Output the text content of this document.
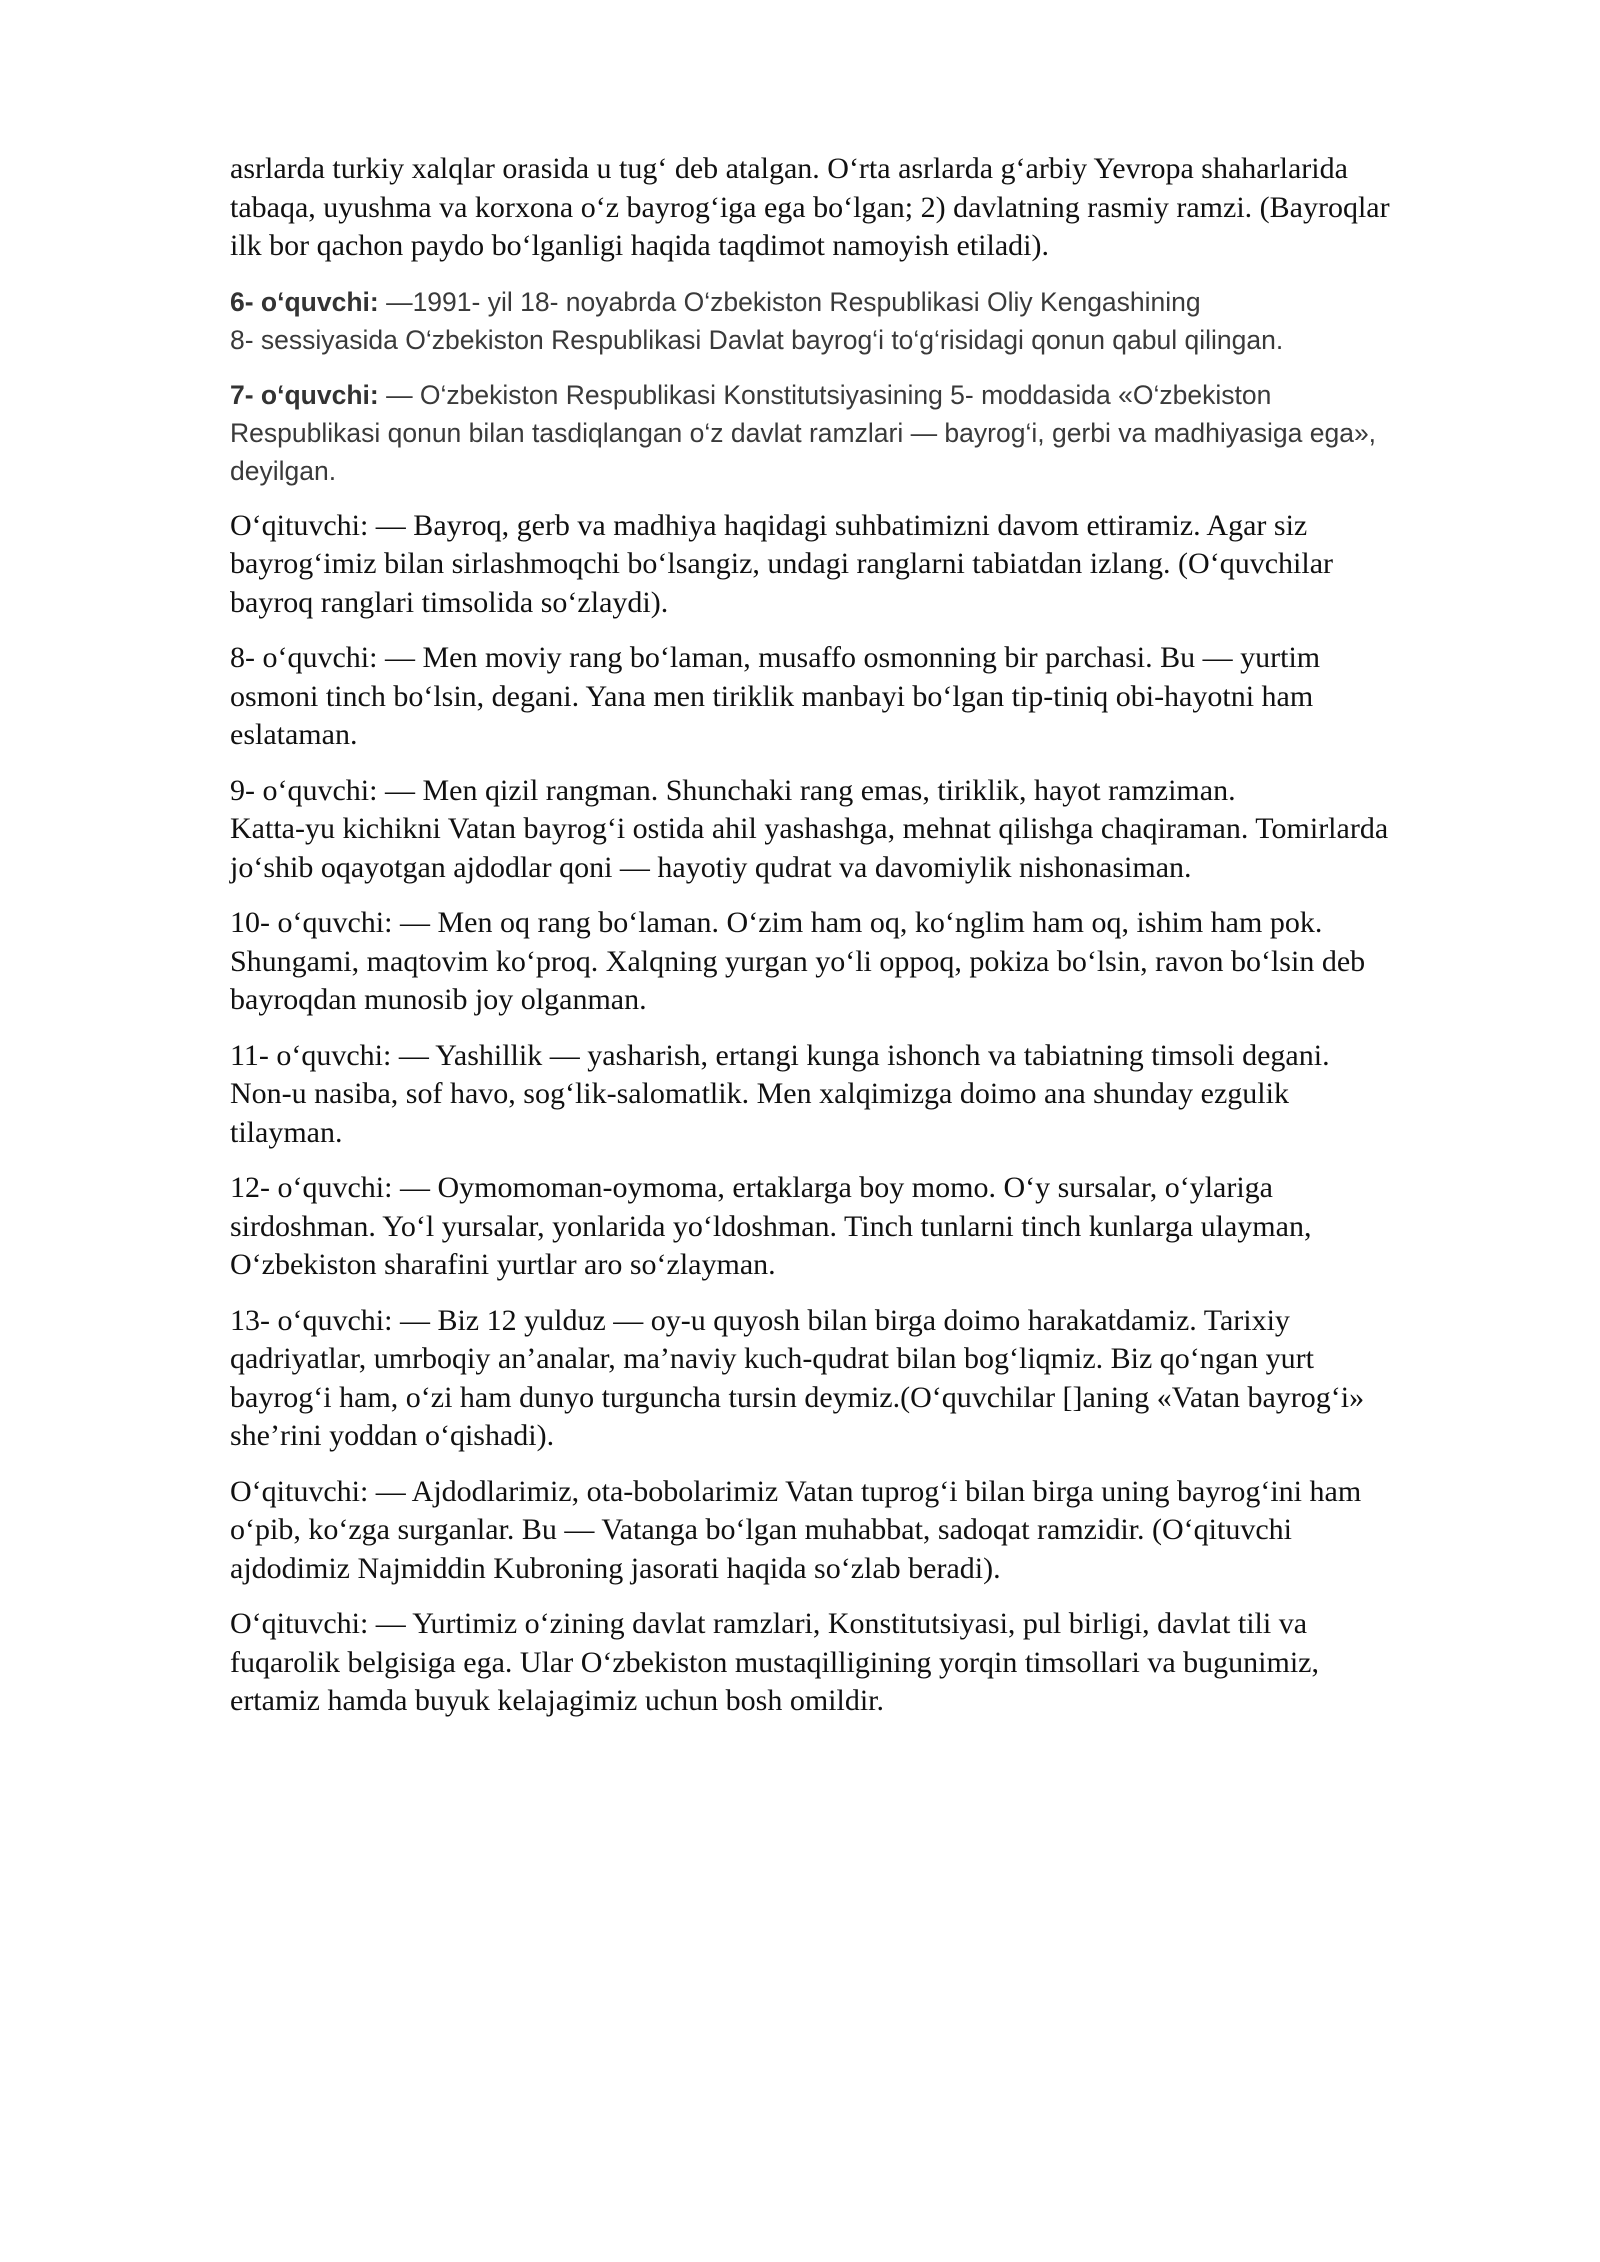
asrlarda turkiy xalqlar orasida u tug‘ deb atalgan. O‘rta asrlarda g‘arbiy Yevropa shaharlarida
tabaqa, uyushma va korxona o‘z bayrog‘iga ega bo‘lgan; 2) davlatning rasmiy ramzi. (Bayroqlar
ilk bor qachon paydo bo‘lganligi haqida taqdimot namoyish etiladi).

6- o‘quvchi: —1991- yil 18- noyabrda O‘zbekiston Respublikasi Oliy Kengashining
8- sessiyasida O‘zbekiston Respublikasi Davlat bayrog‘i to‘g‘risidagi qonun qabul qilingan.

7- o‘quvchi: — O‘zbekiston Respublikasi Konstitutsiyasining 5- moddasida «O‘zbekiston
Respublikasi qonun bilan tasdiqlangan o‘z davlat ramzlari — bayrog‘i, gerbi va madhiyasiga ega»,
deyilgan.

O‘qituvchi: — Bayroq, gerb va madhiya haqidagi suhbatimizni davom ettiramiz. Agar siz
bayrog‘imiz bilan sirlashmoqchi bo‘lsangiz, undagi ranglarni tabiatdan izlang. (O‘quvchilar
bayroq ranglari timsolida so‘zlaydi).

8- o‘quvchi: — Men moviy rang bo‘laman, musaffo osmonning bir parchasi. Bu — yurtim
osmoni tinch bo‘lsin, degani. Yana men tiriklik manbayi bo‘lgan tip-tiniq obi-hayotni ham
eslataman.

9- o‘quvchi: — Men qizil rangman. Shunchaki rang emas, tiriklik, hayot ramziman.
Katta-yu kichikni Vatan bayrog‘i ostida ahil yashashga, mehnat qilishga chaqiraman. Tomirlarda
jo‘shib oqayotgan ajdodlar qoni — hayotiy qudrat va davomiylik nishonasiman.

10- o‘quvchi: — Men oq rang bo‘laman. O‘zim ham oq, ko‘nglim ham oq, ishim ham pok.
Shungami, maqtovim ko‘proq. Xalqning yurgan yo‘li oppoq, pokiza bo‘lsin, ravon bo‘lsin deb
bayroqdan munosib joy olganman.

11- o‘quvchi: — Yashillik — yasharish, ertangi kunga ishonch va tabiatning timsoli degani.
Non-u nasiba, sof havo, sog‘lik-salomatlik. Men xalqimizga doimo ana shunday ezgulik
tilayman.

12- o‘quvchi: — Oymomoman-oymoma, ertaklarga boy momo. O‘y sursalar, o‘ylariga
sirdoshman. Yo‘l yursalar, yonlarida yo‘ldoshman. Tinch tunlarni tinch kunlarga ulayman,
O‘zbekiston sharafini yurtlar aro so‘zlayman.

13- o‘quvchi: — Biz 12 yulduz — oy-u quyosh bilan birga doimo harakatdamiz. Tarixiy
qadriyatlar, umrboqiy an’analar, ma’naviy kuch-qudrat bilan bog‘liqmiz. Biz qo‘ngan yurt
bayrog‘i ham, o‘zi ham dunyo turguncha tursin deymiz.(O‘quvchilar []aning «Vatan bayrog‘i»
she’rini yoddan o‘qishadi).

O‘qituvchi: — Ajdodlarimiz, ota-bobolarimiz Vatan tuprog‘i bilan birga uning bayrog‘ini ham
o‘pib, ko‘zga surganlar. Bu — Vatanga bo‘lgan muhabbat, sadoqat ramzidir. (O‘qituvchi
ajdodimiz Najmiddin Kubroning jasorati haqida so‘zlab beradi).

O‘qituvchi: — Yurtimiz o‘zining davlat ramzlari, Konstitutsiyasi, pul birligi, davlat tili va
fuqarolik belgisiga ega. Ular O‘zbekiston mustaqilligining yorqin timsollari va bugunimiz,
ertamiz hamda buyuk kelajagimiz uchun bosh omildir.
